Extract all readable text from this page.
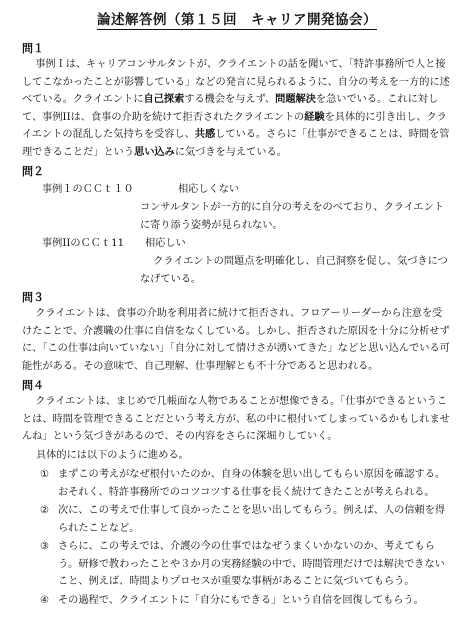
論述解答例（第１５回　キャリア開発協会）
問１
事例Ｉは、キャリアコンサルタントが、クライエントの話を聞いて、「特許事務所で人と接してこなかったことが影響している」などの発言に見られるように、自分の考えを一方的に述べている。クライエントに自己探索する機会を与えず、問題解決を急いでいる。これに対して、事例IIは、食事の介助を続けて拒否されたクライエントの経験を具体的に引き出し、クライエントの混乱した気持ちを受容し、共感している。さらに「仕事ができることは、時間を管理できることだ」という思い込みに気づきを与えている。
問２
事例１のＣＣｔ１０	相応しくない
コンサルタントが一方的に自分の考えをのべており、クライエントに寄り添う姿勢が見られない。
事例IIのＣＣｔ11 相応しい
クライエントの問題点を明確化し、自己洞察を促し、気づきにつなげている。
問３
クライエントは、食事の介助を利用者に続けて拒否され、フロアーリーダーから注意を受けたことで、介護職の仕事に自信をなくしている。しかし、拒否された原因を十分に分析せずに、「この仕事は向いていない」「自分に対して情けさが湧いてきた」などと思い込んでいる可能性がある。その意味で、自己理解、仕事理解とも不十分であると思われる。
問４
クライエントは、まじめで几帳面な人物であることが想像できる。「仕事ができるということは、時間を管理できることだという考え方が、私の中に根付いてしまっているかもしれませんね」という気づきがあるので、その内容をさらに深堀りしていく。
具体的には以下のように進める。
① まずこの考えがなぜ根付いたのか、自身の体験を思い出してもらい原因を確認する。おそれく、特許事務所でのコツコツする仕事を長く続けてきたことが考えられる。
② 次に、この考えで仕事して良かったことを思い出してもらう。例えば、人の信頼を得られたことなど。
③ さらに、この考えでは、介護の今の仕事ではなぜうまくいかないのか、考えてもらう。研修で教わったことや３か月の実務経験の中で、時間管理だけでは解決できないこと、例えば、時間よりプロセスが重要な事柄があることに気づいてもらう。
④ その過程で、クライエントに「自分にもできる」という自信を回復してもらう。
